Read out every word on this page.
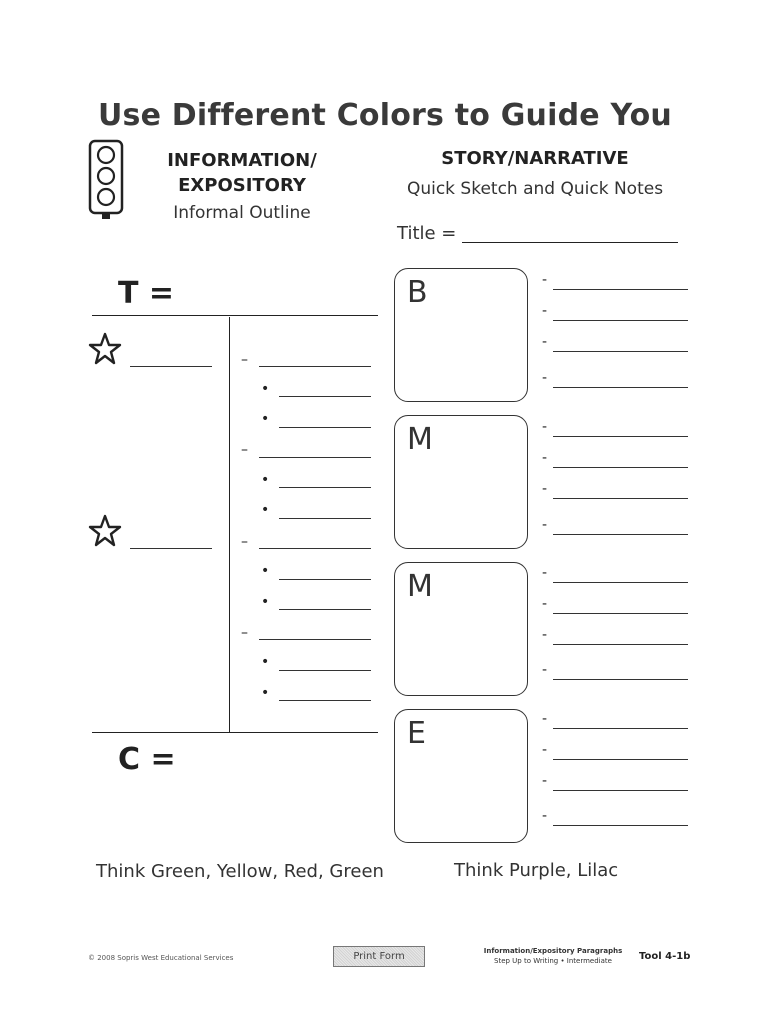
Use Different Colors to Guide You
INFORMATION/
EXPOSITORY
Informal Outline
STORY/NARRATIVE
Quick Sketch and Quick Notes
Title =
T =
C =
–
•
•
–
•
•
–
•
•
–
•
•
B
M
M
E
-
-
-
-
-
-
-
-
-
-
-
-
-
-
-
-
Think Green, Yellow, Red, Green	Think Purple, Lilac
© 2008 Sopris West Educational Services	Print Form	Information/Expository Paragraphs
Step Up to Writing • Intermediate	Tool 4-1b
